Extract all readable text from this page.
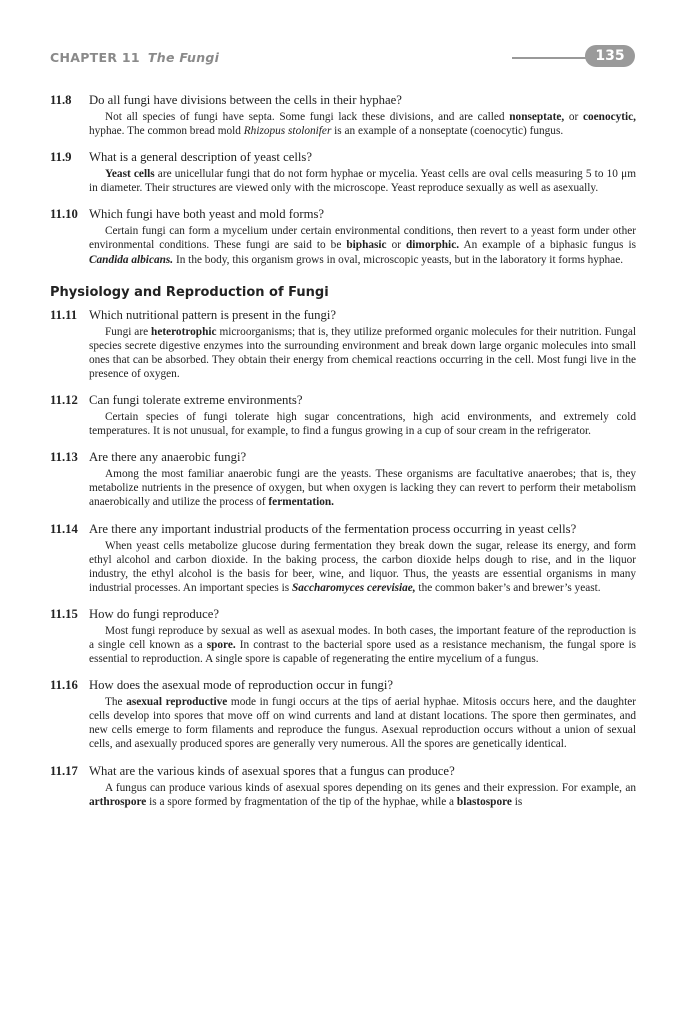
CHAPTER 11 The Fungi	135
11.8	Do all fungi have divisions between the cells in their hyphae?
Not all species of fungi have septa. Some fungi lack these divisions, and are called nonseptate, or coenocytic, hyphae. The common bread mold Rhizopus stolonifer is an example of a nonseptate (coenocytic) fungus.
11.9	What is a general description of yeast cells?
Yeast cells are unicellular fungi that do not form hyphae or mycelia. Yeast cells are oval cells measuring 5 to 10 μm in diameter. Their structures are viewed only with the microscope. Yeast reproduce sexually as well as asexually.
11.10 Which fungi have both yeast and mold forms?
Certain fungi can form a mycelium under certain environmental conditions, then revert to a yeast form under other environmental conditions. These fungi are said to be biphasic or dimorphic. An example of a biphasic fungus is Candida albicans. In the body, this organism grows in oval, microscopic yeasts, but in the laboratory it forms hyphae.
Physiology and Reproduction of Fungi
11.11 Which nutritional pattern is present in the fungi?
Fungi are heterotrophic microorganisms; that is, they utilize preformed organic molecules for their nutrition. Fungal species secrete digestive enzymes into the surrounding environment and break down large organic molecules into small ones that can be absorbed. They obtain their energy from chemical reactions occurring in the cell. Most fungi live in the presence of oxygen.
11.12 Can fungi tolerate extreme environments?
Certain species of fungi tolerate high sugar concentrations, high acid environments, and extremely cold temperatures. It is not unusual, for example, to find a fungus growing in a cup of sour cream in the refrigerator.
11.13 Are there any anaerobic fungi?
Among the most familiar anaerobic fungi are the yeasts. These organisms are facultative anaerobes; that is, they metabolize nutrients in the presence of oxygen, but when oxygen is lacking they can revert to perform their metabolism anaerobically and utilize the process of fermentation.
11.14 Are there any important industrial products of the fermentation process occurring in yeast cells?
When yeast cells metabolize glucose during fermentation they break down the sugar, release its energy, and form ethyl alcohol and carbon dioxide. In the baking process, the carbon dioxide helps dough to rise, and in the liquor industry, the ethyl alcohol is the basis for beer, wine, and liquor. Thus, the yeasts are essential organisms in many industrial processes. An important species is Saccharomyces cerevisiae, the common baker’s and brewer’s yeast.
11.15 How do fungi reproduce?
Most fungi reproduce by sexual as well as asexual modes. In both cases, the important feature of the reproduction is a single cell known as a spore. In contrast to the bacterial spore used as a resistance mechanism, the fungal spore is essential to reproduction. A single spore is capable of regenerating the entire mycelium of a fungus.
11.16 How does the asexual mode of reproduction occur in fungi?
The asexual reproductive mode in fungi occurs at the tips of aerial hyphae. Mitosis occurs here, and the daughter cells develop into spores that move off on wind currents and land at distant locations. The spore then germinates, and new cells emerge to form filaments and reproduce the fungus. Asexual reproduction occurs without a union of sexual cells, and asexually produced spores are generally very numerous. All the spores are genetically identical.
11.17 What are the various kinds of asexual spores that a fungus can produce?
A fungus can produce various kinds of asexual spores depending on its genes and their expression. For example, an arthrospore is a spore formed by fragmentation of the tip of the hyphae, while a blastospore is
